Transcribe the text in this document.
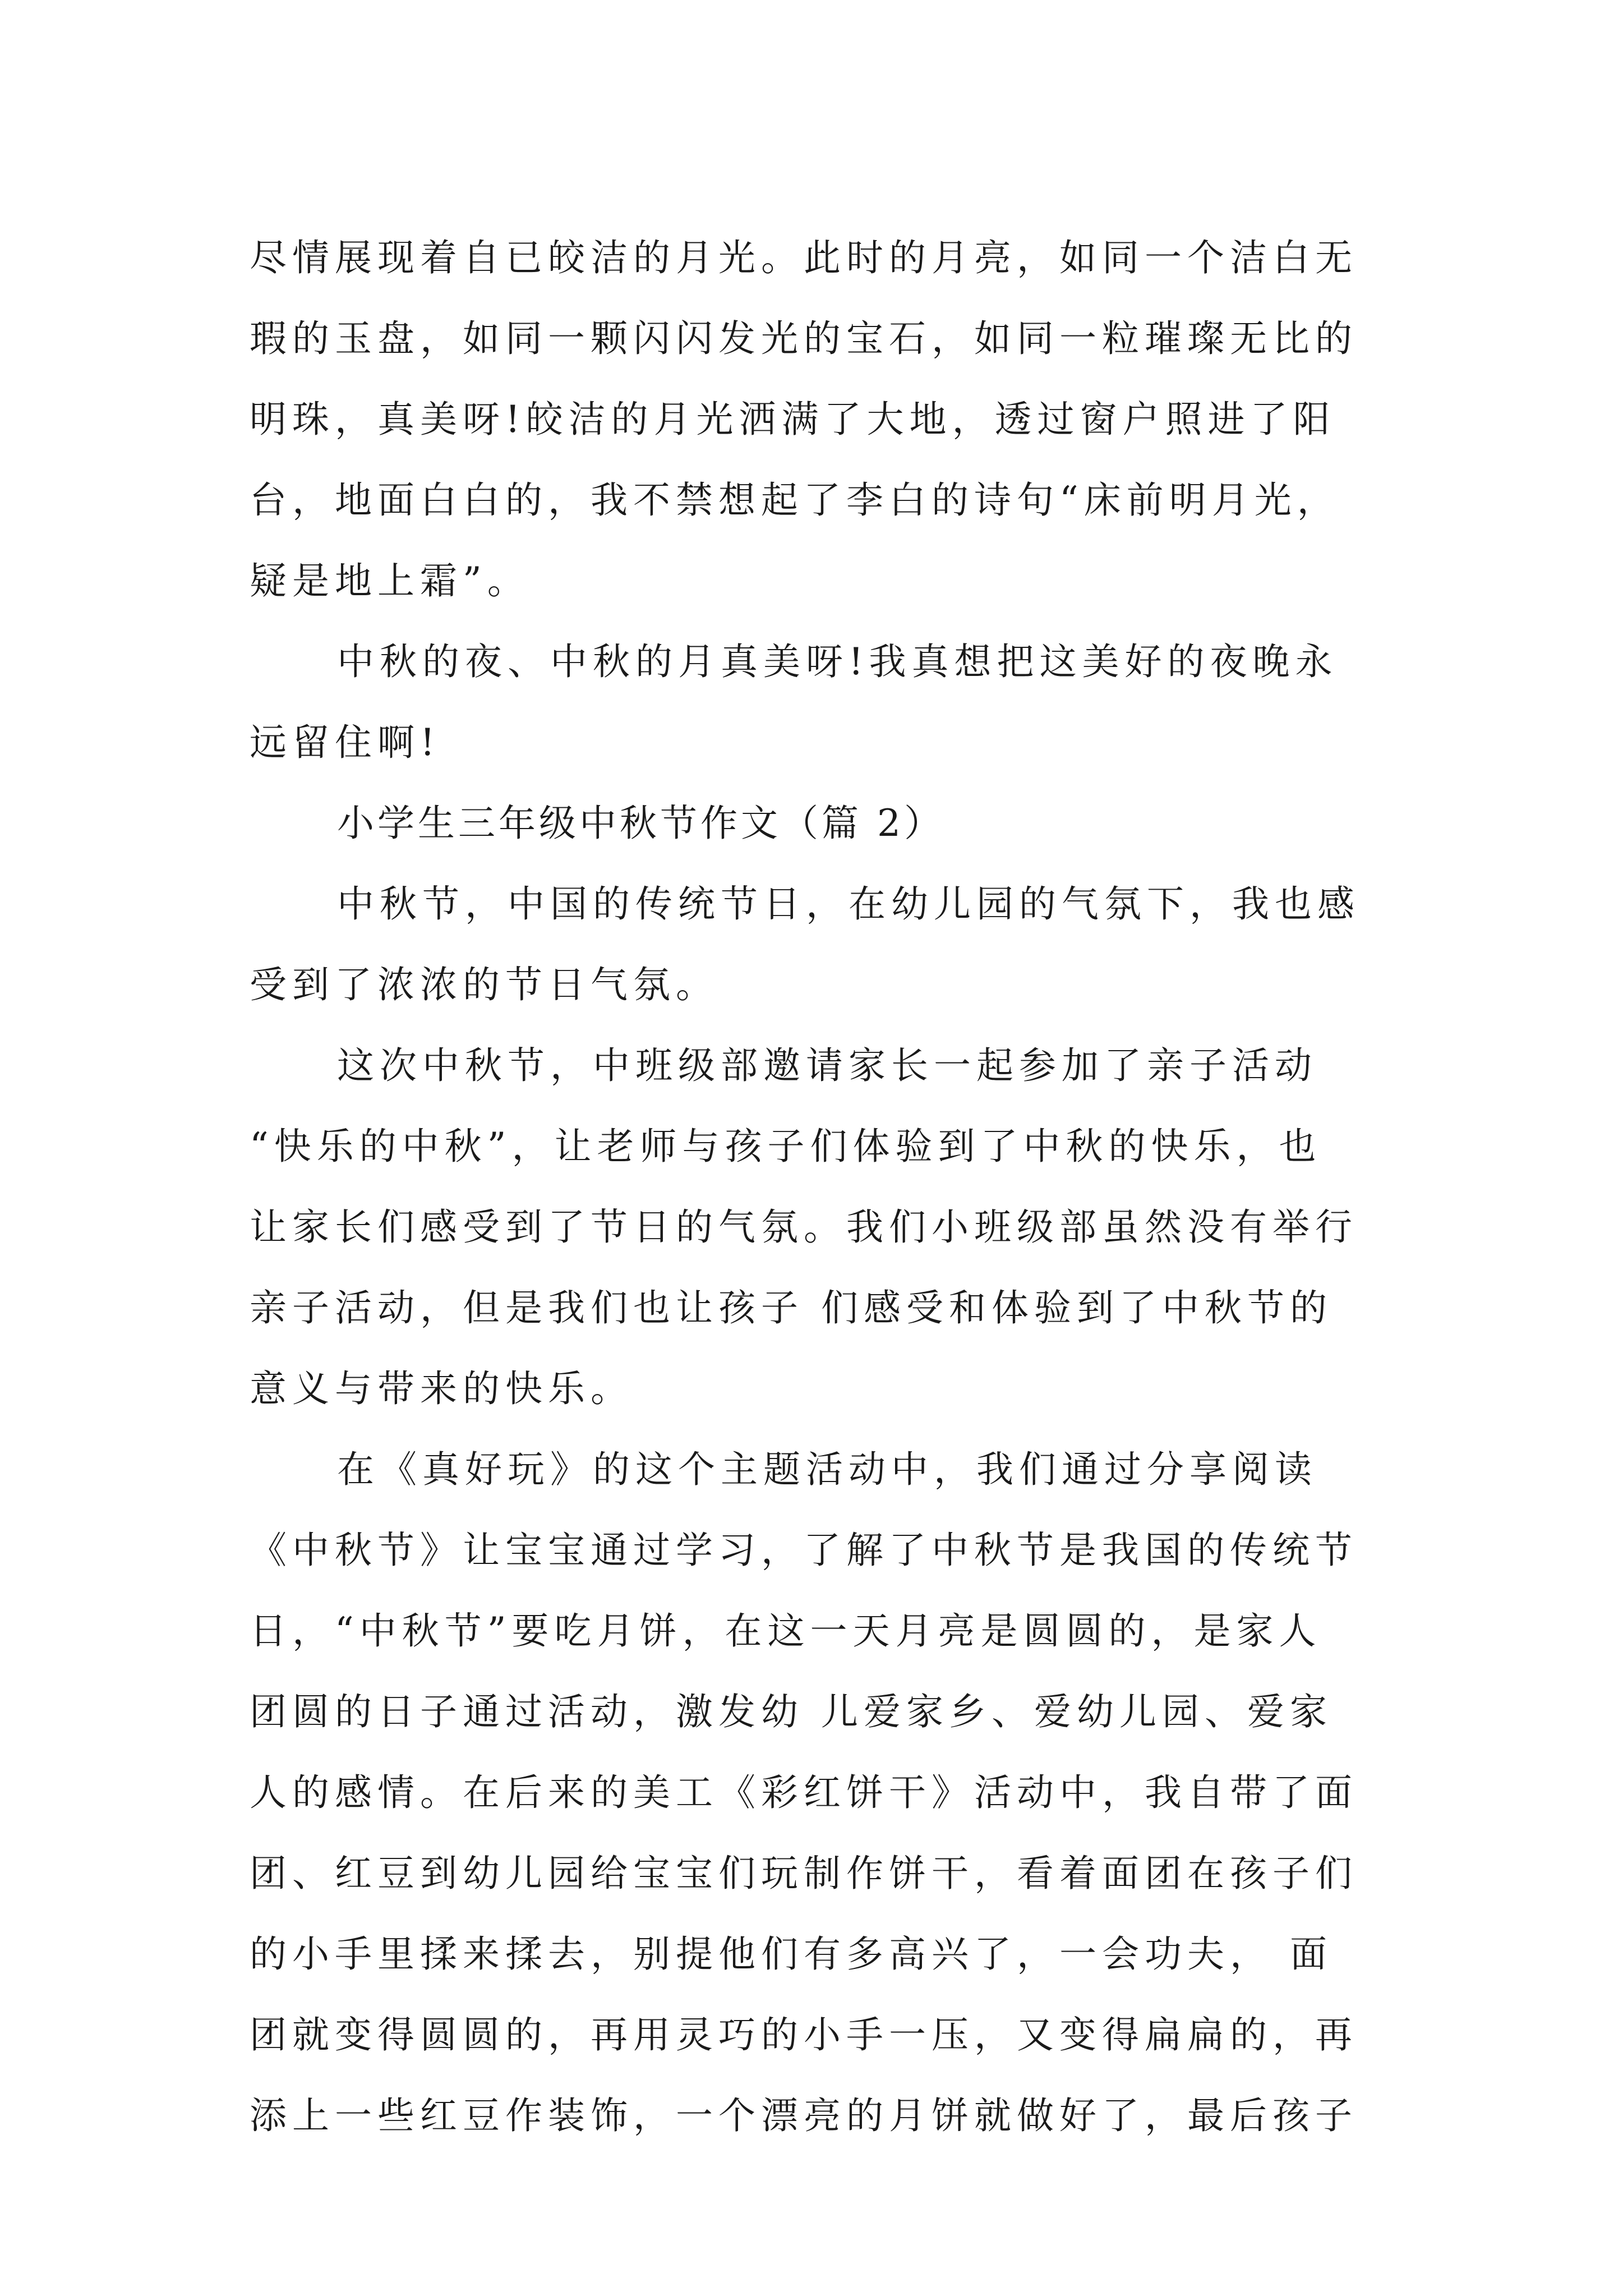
尽情展现着自已皎洁的月光。此时的月亮，如同一个洁白无
瑕的玉盘，如同一颗闪闪发光的宝石，如同一粒璀璨无比的
明珠，真美呀!皎洁的月光洒满了大地，透过窗户照进了阳
台，地面白白的，我不禁想起了李白的诗句“床前明月光，
疑是地上霜”。

中秋的夜、中秋的月真美呀!我真想把这美好的夜晚永
远留住啊!

小学生三年级中秋节作文（篇 2）

中秋节，中国的传统节日，在幼儿园的气氛下，我也感
受到了浓浓的节日气氛。

这次中秋节，中班级部邀请家长一起参加了亲子活动
“快乐的中秋”，让老师与孩子们体验到了中秋的快乐，也
让家长们感受到了节日的气氛。我们小班级部虽然没有举行
亲子活动，但是我们也让孩子 们感受和体验到了中秋节的
意义与带来的快乐。

在《真好玩》的这个主题活动中，我们通过分享阅读
《中秋节》让宝宝通过学习，了解了中秋节是我国的传统节
日，“中秋节”要吃月饼，在这一天月亮是圆圆的，是家人
团圆的日子通过活动，激发幼 儿爱家乡、爱幼儿园、爱家
人的感情。在后来的美工《彩红饼干》活动中，我自带了面
团、红豆到幼儿园给宝宝们玩制作饼干，看着面团在孩子们
的小手里揉来揉去，别提他们有多高兴了，一会功夫， 面
团就变得圆圆的，再用灵巧的小手一压，又变得扁扁的，再
添上一些红豆作装饰，一个漂亮的月饼就做好了，最后孩子
